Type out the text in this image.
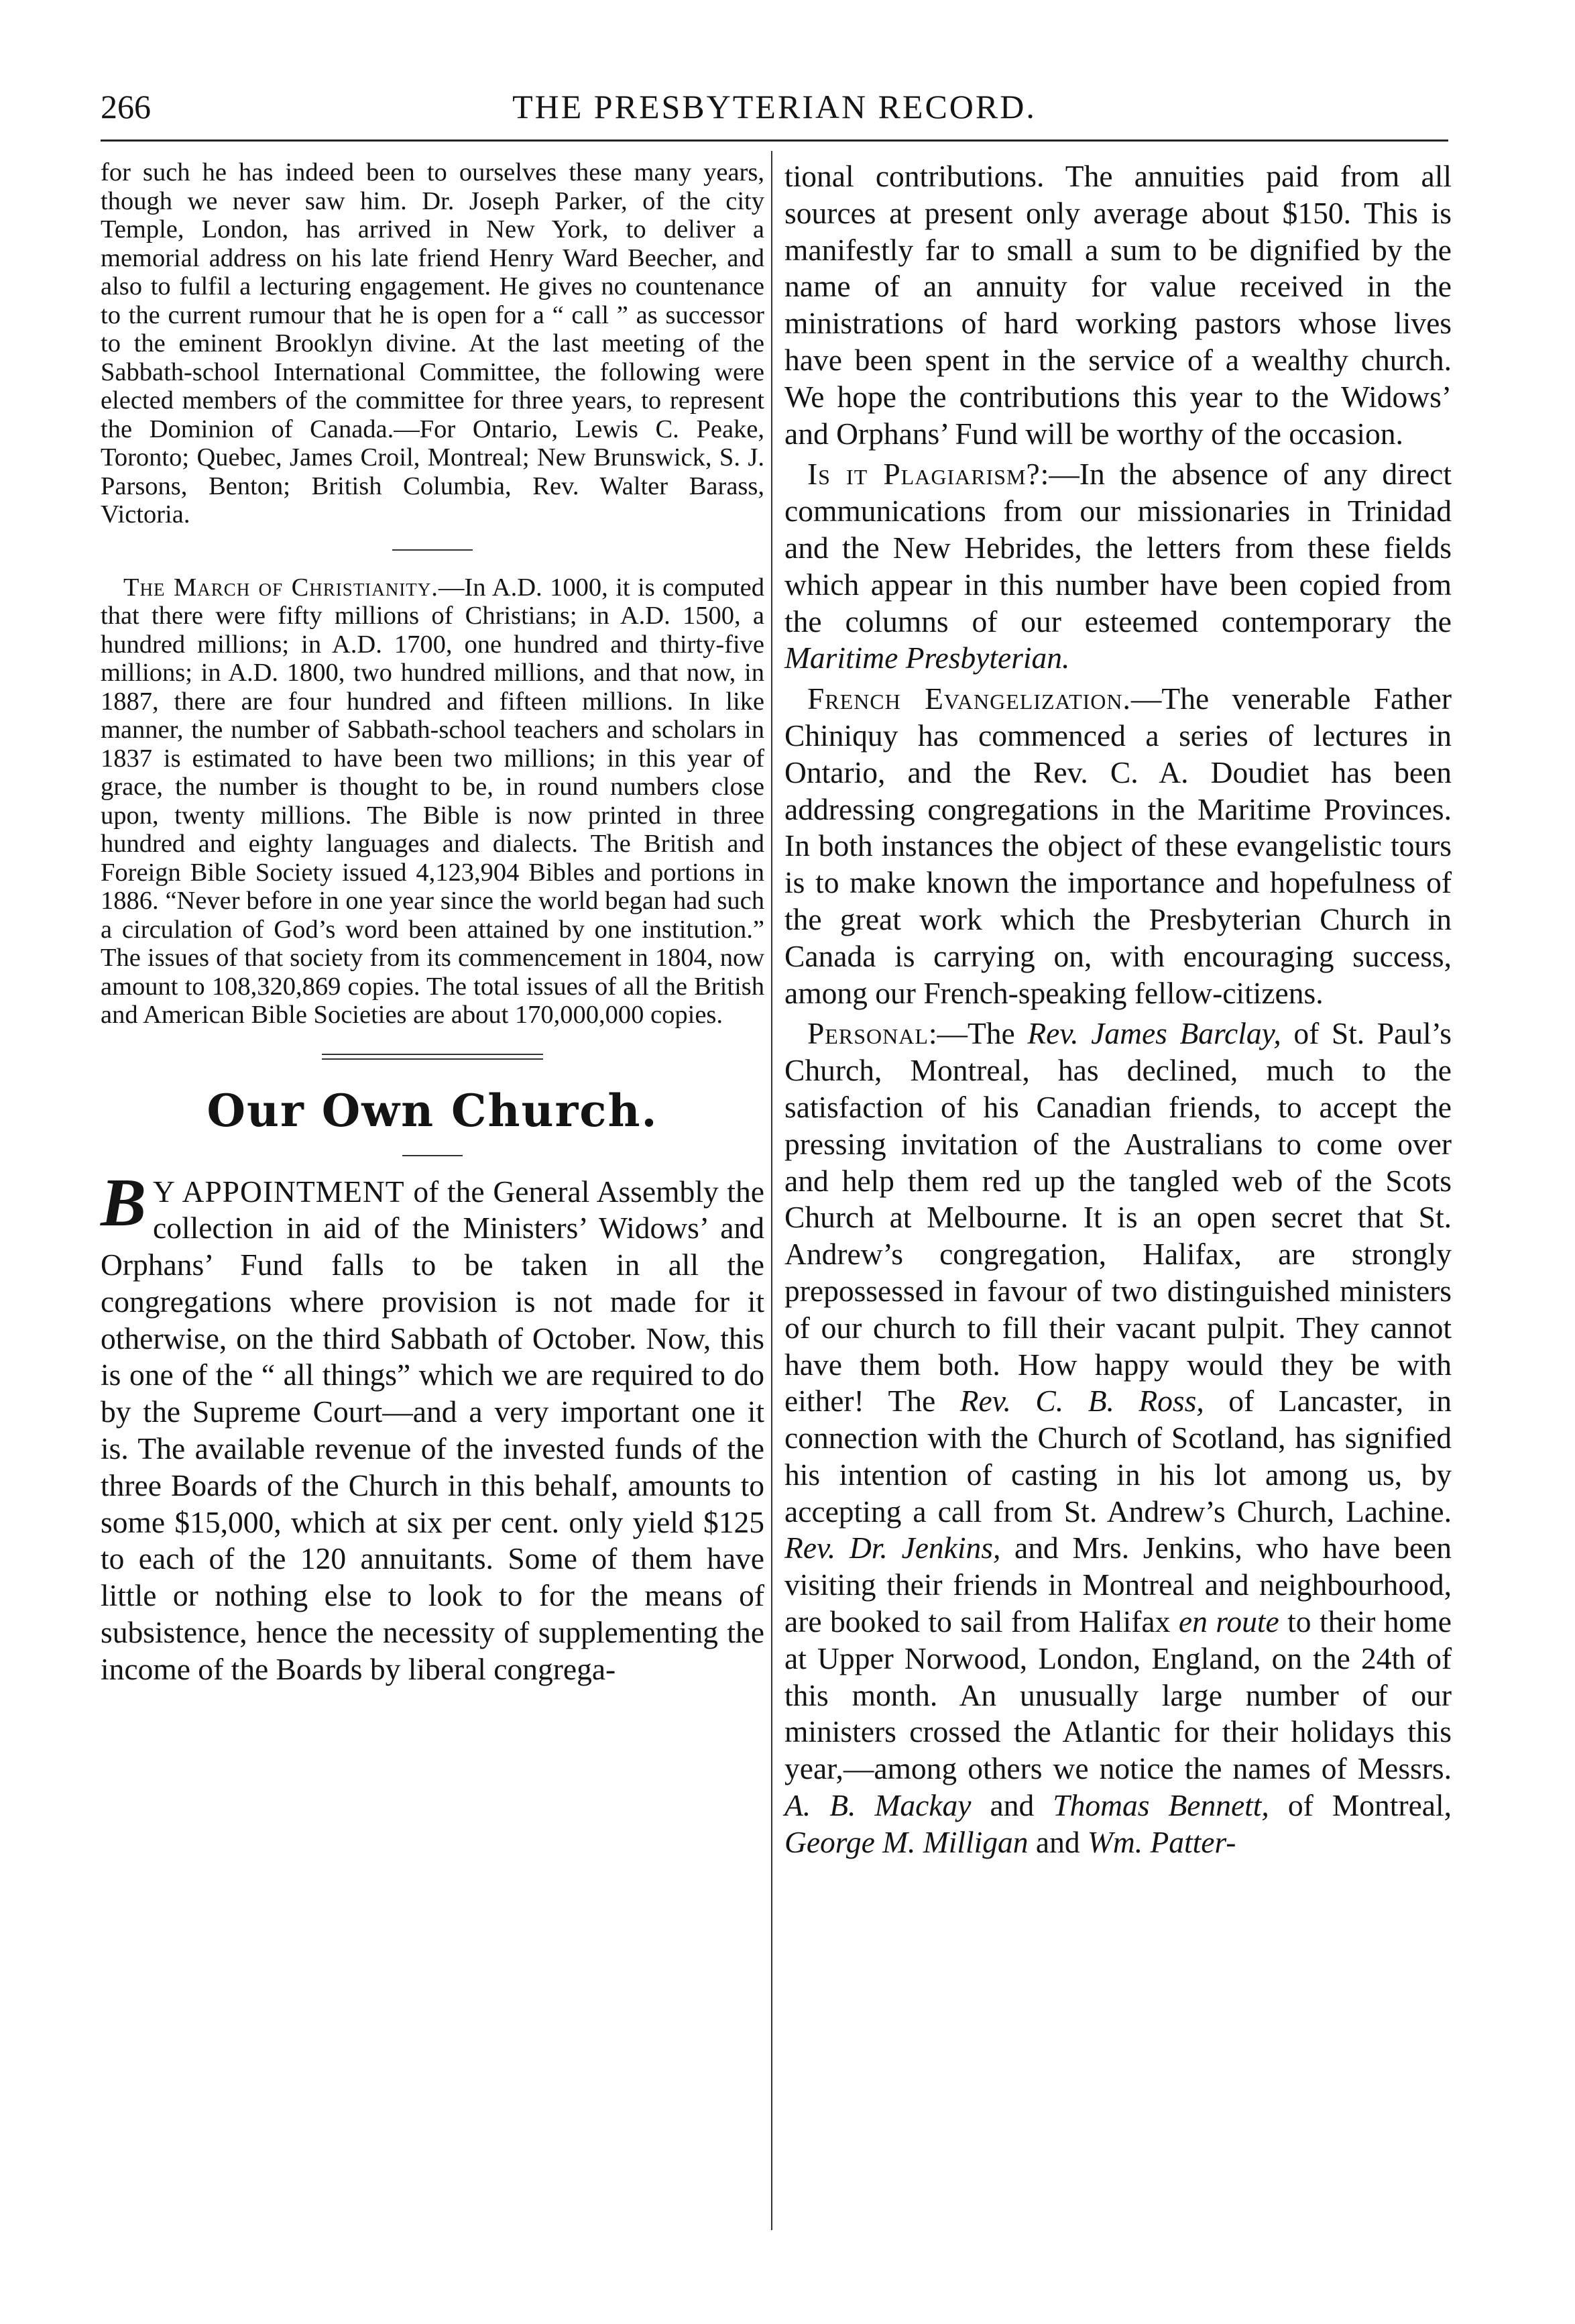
266	THE PRESBYTERIAN RECORD.

for such he has indeed been to ourselves these many years, though we never saw him. Dr. Joseph Parker, of the city Temple, London, has arrived in New York, to deliver a memorial address on his late friend Henry Ward Beecher, and also to fulfil a lecturing engagement. He gives no countenance to the current rumour that he is open for a “ call ” as successor to the eminent Brooklyn divine. At the last meeting of the Sabbath-school International Committee, the following were elected members of the committee for three years, to represent the Dominion of Canada.—For Ontario, Lewis C. Peake, Toronto; Quebec, James Croil, Montreal; New Brunswick, S. J. Parsons, Benton; British Columbia, Rev. Walter Barass, Victoria.

The March of Christianity.—In A.D. 1000, it is computed that there were fifty millions of Christians; in A.D. 1500, a hundred millions; in A.D. 1700, one hundred and thirty-five millions; in A.D. 1800, two hundred millions, and that now, in 1887, there are four hundred and fifteen millions. In like manner, the number of Sabbath-school teachers and scholars in 1837 is estimated to have been two millions; in this year of grace, the number is thought to be, in round numbers close upon, twenty millions. The Bible is now printed in three hundred and eighty languages and dialects. The British and Foreign Bible Society issued 4,123,904 Bibles and portions in 1886. “Never before in one year since the world began had such a circulation of God’s word been attained by one institution.” The issues of that society from its commencement in 1804, now amount to 108,320,869 copies. The total issues of all the British and American Bible Societies are about 170,000,000 copies.

Our Own Church.

B Y APPOINTMENT of the General Assembly the collection in aid of the Ministers’ Widows’ and Orphans’ Fund falls to be taken in all the congregations where provision is not made for it otherwise, on the third Sabbath of October. Now, this is one of the “ all things” which we are required to do by the Supreme Court—and a very important one it is. The available revenue of the invested funds of the three Boards of the Church in this behalf, amounts to some $15,000, which at six per cent. only yield $125 to each of the 120 annuitants. Some of them have little or nothing else to look to for the means of subsistence, hence the necessity of supplementing the income of the Boards by liberal congrega-

tional contributions. The annuities paid from all sources at present only average about $150. This is manifestly far to small a sum to be dignified by the name of an annuity for value received in the ministrations of hard working pastors whose lives have been spent in the service of a wealthy church. We hope the contributions this year to the Widows’ and Orphans’ Fund will be worthy of the occasion.

Is it Plagiarism?:—In the absence of any direct communications from our missionaries in Trinidad and the New Hebrides, the letters from these fields which appear in this number have been copied from the columns of our esteemed contemporary the Maritime Presbyterian.

French Evangelization.—The venerable Father Chiniquy has commenced a series of lectures in Ontario, and the Rev. C. A. Doudiet has been addressing congregations in the Maritime Provinces. In both instances the object of these evangelistic tours is to make known the importance and hopefulness of the great work which the Presbyterian Church in Canada is carrying on, with encouraging success, among our French-speaking fellow-citizens.

Personal:—The Rev. James Barclay, of St. Paul’s Church, Montreal, has declined, much to the satisfaction of his Canadian friends, to accept the pressing invitation of the Australians to come over and help them red up the tangled web of the Scots Church at Melbourne. It is an open secret that St. Andrew’s congregation, Halifax, are strongly prepossessed in favour of two distinguished ministers of our church to fill their vacant pulpit. They cannot have them both. How happy would they be with either! The Rev. C. B. Ross, of Lancaster, in connection with the Church of Scotland, has signified his intention of casting in his lot among us, by accepting a call from St. Andrew’s Church, Lachine. Rev. Dr. Jenkins, and Mrs. Jenkins, who have been visiting their friends in Montreal and neighbourhood, are booked to sail from Halifax en route to their home at Upper Norwood, London, England, on the 24th of this month. An unusually large number of our ministers crossed the Atlantic for their holidays this year,—among others we notice the names of Messrs. A. B. Mackay and Thomas Bennett, of Montreal, George M. Milligan and Wm. Patter-
